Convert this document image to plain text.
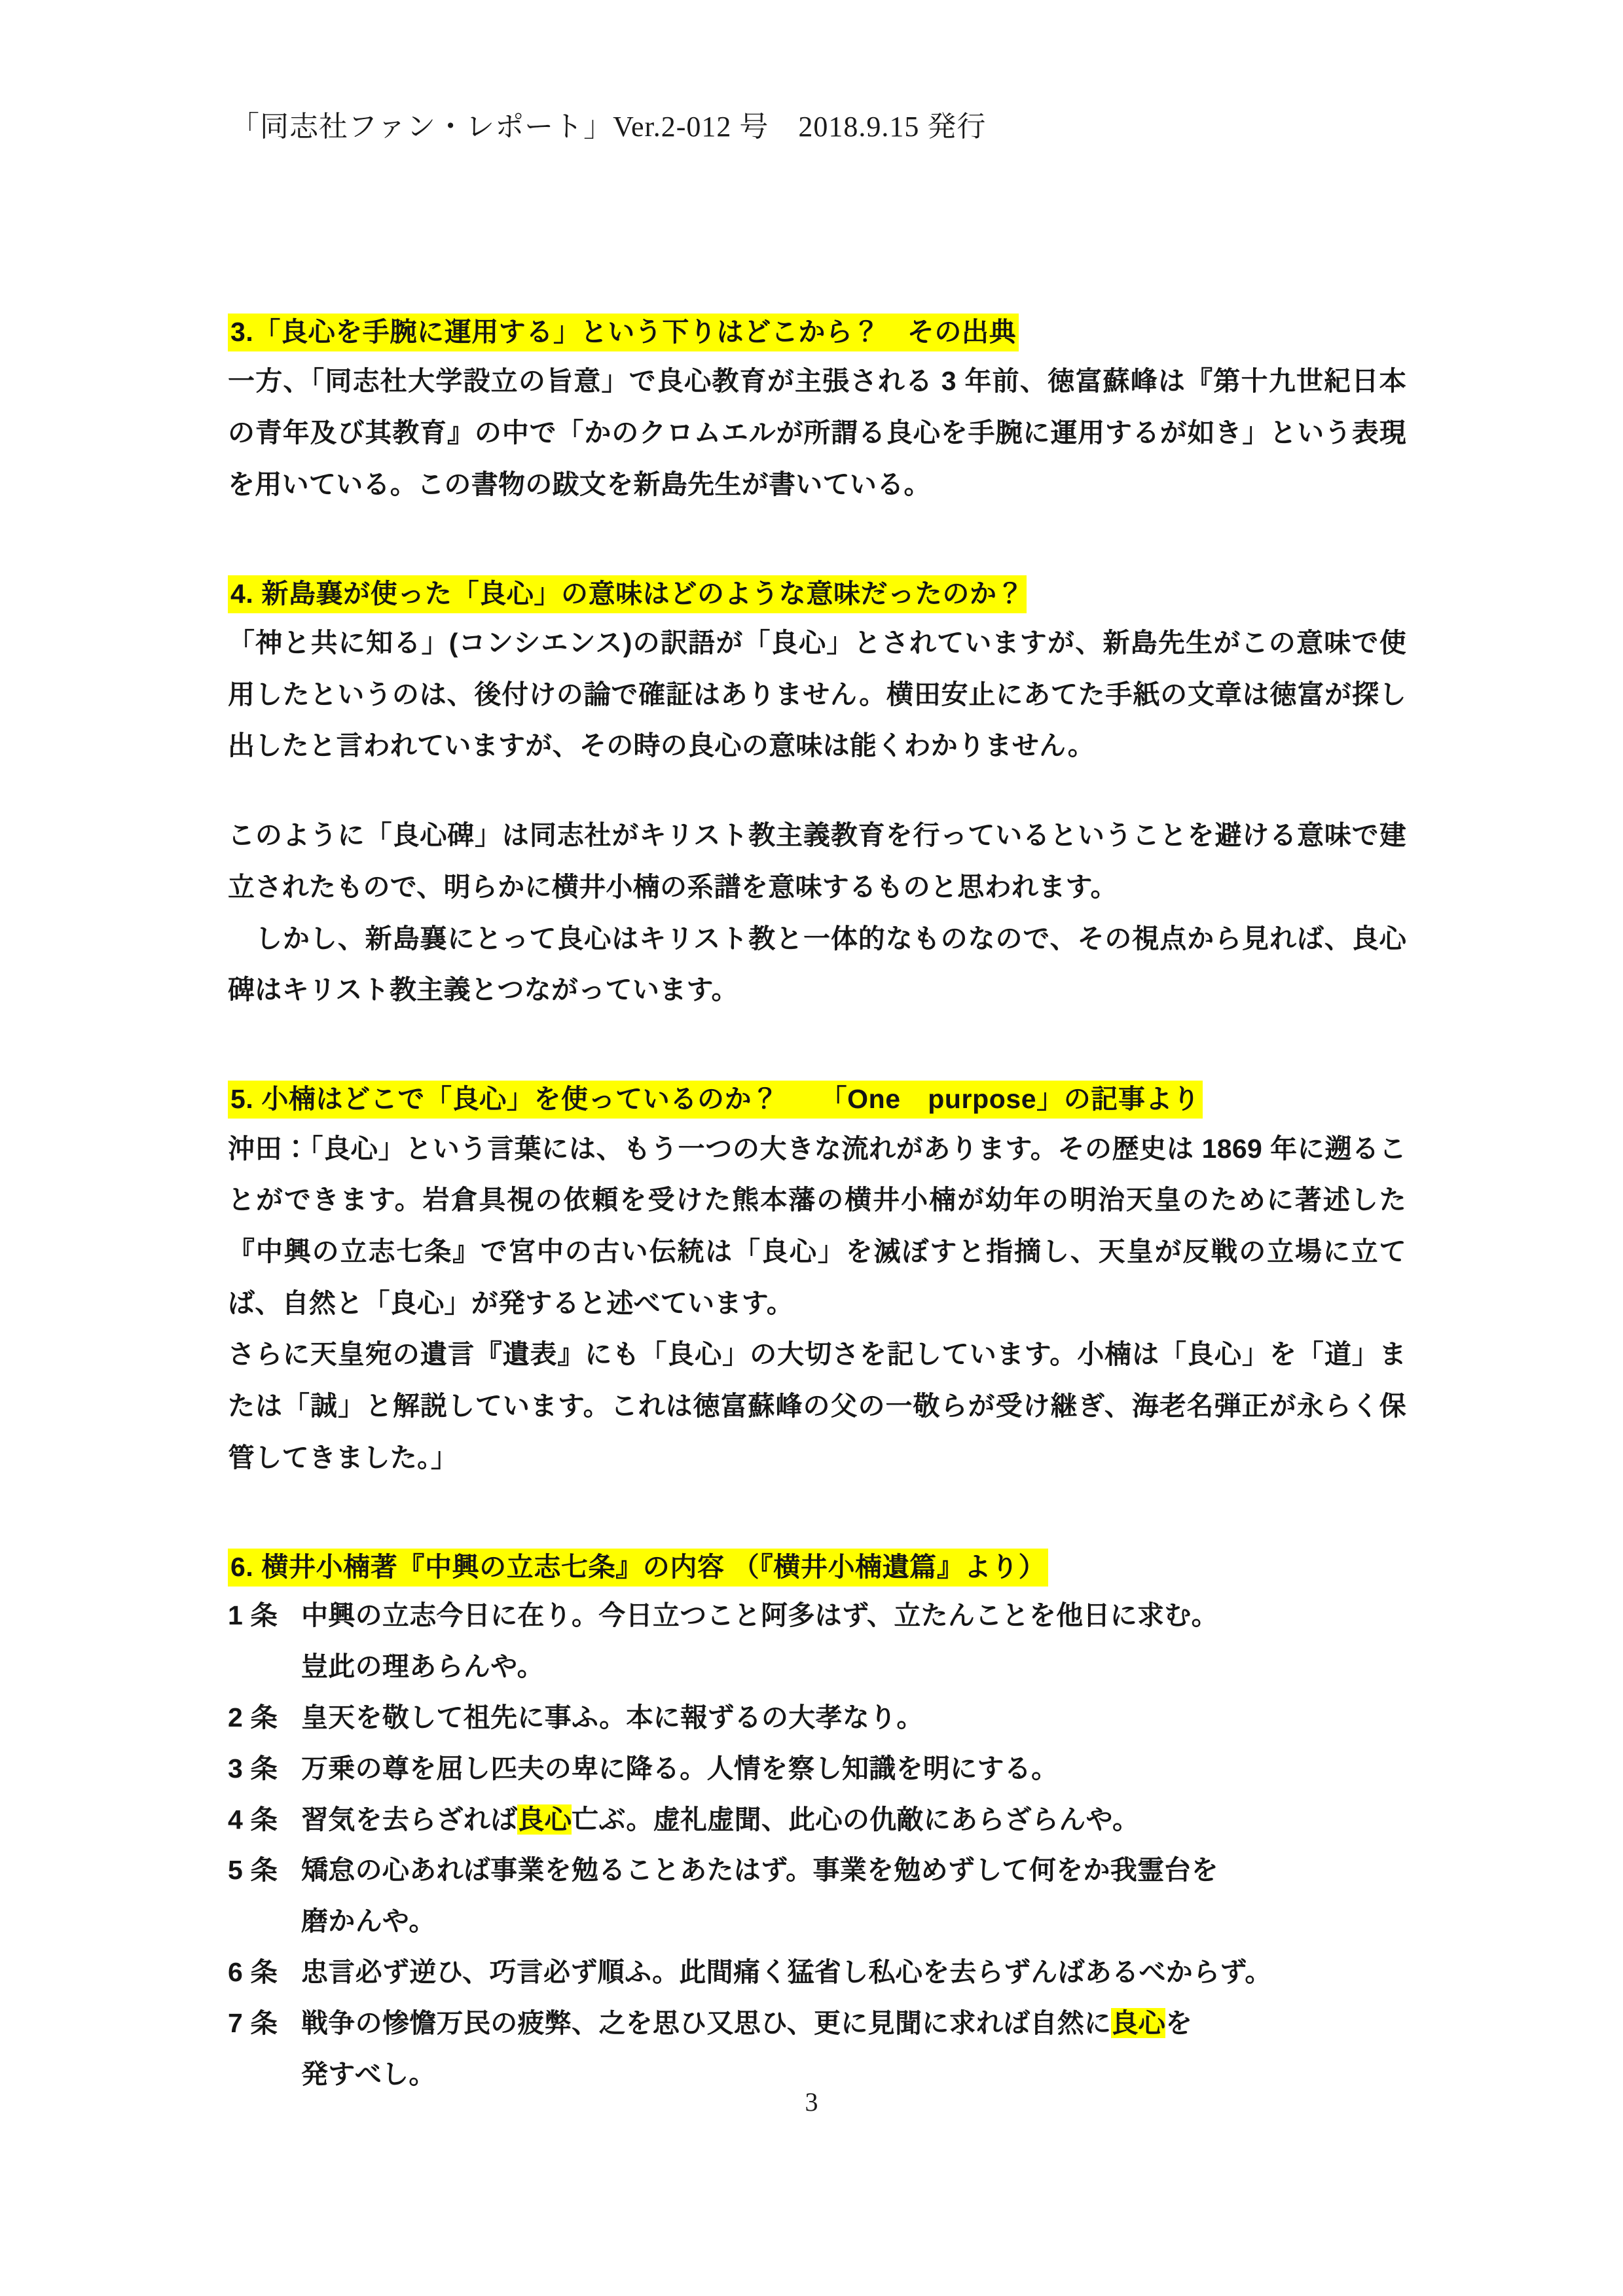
「同志社ファン・レポート」Ver.2-012 号　2018.9.15 発行
3.「良心を手腕に運用する」という下りはどこから？　その出典

一方、「同志社大学設立の旨意」で良心教育が主張される 3 年前、徳富蘇峰は『第十九世紀日本の青年及び其教育』の中で「かのクロムエルが所謂る良心を手腕に運用するが如き」という表現を用いている。この書物の跋文を新島先生が書いている。

4. 新島襄が使った「良心」の意味はどのような意味だったのか？

「神と共に知る」(コンシエンス)の訳語が「良心」とされていますが、新島先生がこの意味で使用したというのは、後付けの論で確証はありません。横田安止にあてた手紙の文章は徳富が探し出したと言われていますが、その時の良心の意味は能くわかりません。

このように「良心碑」は同志社がキリスト教主義教育を行っているということを避ける意味で建立されたもので、明らかに横井小楠の系譜を意味するものと思われます。

　しかし、新島襄にとって良心はキリスト教と一体的なものなので、その視点から見れば、良心碑はキリスト教主義とつながっています。

5. 小楠はどこで「良心」を使っているのか？　　「One　purpose」の記事より

沖田：「良心」という言葉には、もう一つの大きな流れがあります。その歴史は 1869 年に遡ることができます。岩倉具視の依頼を受けた熊本藩の横井小楠が幼年の明治天皇のために著述した『中興の立志七条』で宮中の古い伝統は「良心」を滅ぼすと指摘し、天皇が反戦の立場に立てば、自然と「良心」が発すると述べています。

さらに天皇宛の遺言『遺表』にも「良心」の大切さを記しています。小楠は「良心」を「道」または「誠」と解説しています。これは徳富蘇峰の父の一敬らが受け継ぎ、海老名弾正が永らく保管してきました。」

6. 横井小楠著『中興の立志七条』の内容 （『横井小楠遺篇』より）
1 条 中興の立志今日に在り。今日立つこと阿多はず、立たんことを他日に求む。
豈此の理あらんや。
2 条 皇天を敬して祖先に事ふ。本に報ずるの大孝なり。
3 条 万乗の尊を屈し匹夫の卑に降る。人情を察し知識を明にする。
4 条 習気を去らざれば良心亡ぶ。虚礼虚聞、此心の仇敵にあらざらんや。
5 条 矯怠の心あれば事業を勉ることあたはず。事業を勉めずして何をか我霊台を
磨かんや。
6 条 忠言必ず逆ひ、巧言必ず順ふ。此間痛く猛省し私心を去らずんばあるべからず。
7 条 戦争の惨憺万民の疲弊、之を思ひ又思ひ、更に見聞に求れば自然に良心を
発すべし。
3
